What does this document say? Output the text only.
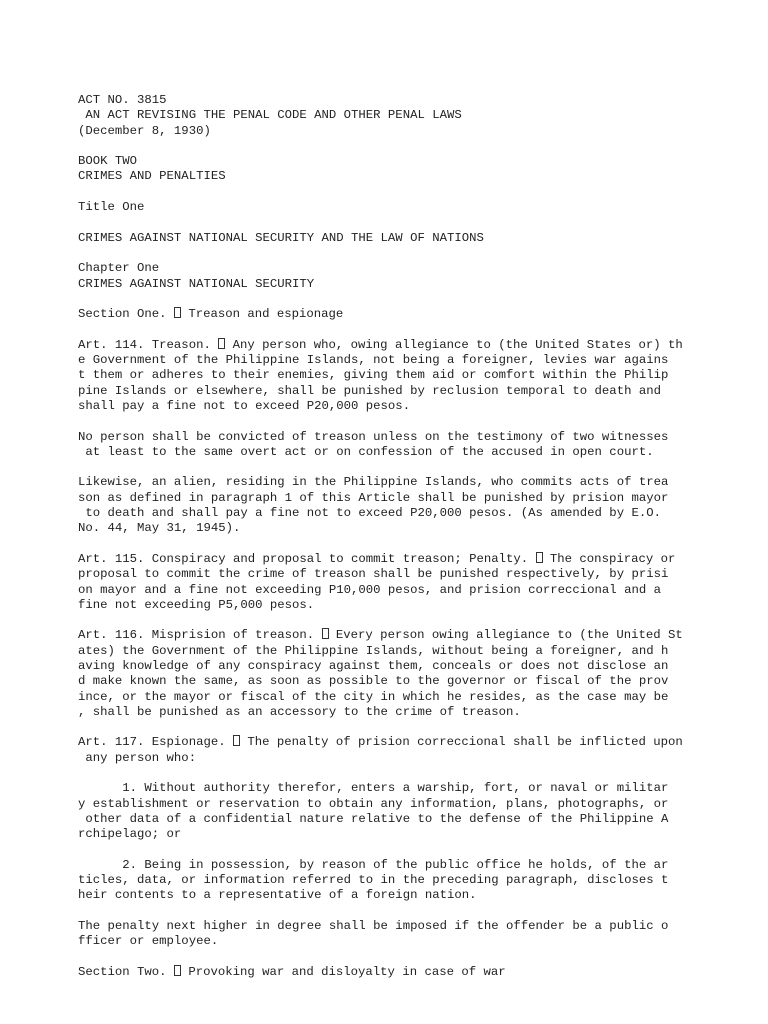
ACT NO. 3815
AN ACT REVISING THE PENAL CODE AND OTHER PENAL LAWS
(December 8, 1930)
BOOK TWO
CRIMES AND PENALTIES
Title One
CRIMES AGAINST NATIONAL SECURITY AND THE LAW OF NATIONS
Chapter One
CRIMES AGAINST NATIONAL SECURITY
Section One.  Treason and espionage
Art. 114. Treason.  Any person who, owing allegiance to (the United States or) th
e Government of the Philippine Islands, not being a foreigner, levies war agains
t them or adheres to their enemies, giving them aid or comfort within the Philip
pine Islands or elsewhere, shall be punished by reclusion temporal to death and
shall pay a fine not to exceed P20,000 pesos.
No person shall be convicted of treason unless on the testimony of two witnesses
at least to the same overt act or on confession of the accused in open court.
Likewise, an alien, residing in the Philippine Islands, who commits acts of trea
son as defined in paragraph 1 of this Article shall be punished by prision mayor
to death and shall pay a fine not to exceed P20,000 pesos. (As amended by E.O.
No. 44, May 31, 1945).
Art. 115. Conspiracy and proposal to commit treason; Penalty.  The conspiracy or
proposal to commit the crime of treason shall be punished respectively, by prisi
on mayor and a fine not exceeding P10,000 pesos, and prision correccional and a
fine not exceeding P5,000 pesos.
Art. 116. Misprision of treason.  Every person owing allegiance to (the United St
ates) the Government of the Philippine Islands, without being a foreigner, and h
aving knowledge of any conspiracy against them, conceals or does not disclose an
d make known the same, as soon as possible to the governor or fiscal of the prov
ince, or the mayor or fiscal of the city in which he resides, as the case may be
, shall be punished as an accessory to the crime of treason.
Art. 117. Espionage.  The penalty of prision correccional shall be inflicted upon
any person who:
1. Without authority therefor, enters a warship, fort, or naval or militar
y establishment or reservation to obtain any information, plans, photographs, or
other data of a confidential nature relative to the defense of the Philippine A
rchipelago; or
2. Being in possession, by reason of the public office he holds, of the ar
ticles, data, or information referred to in the preceding paragraph, discloses t
heir contents to a representative of a foreign nation.
The penalty next higher in degree shall be imposed if the offender be a public o
fficer or employee.
Section Two.  Provoking war and disloyalty in case of war
